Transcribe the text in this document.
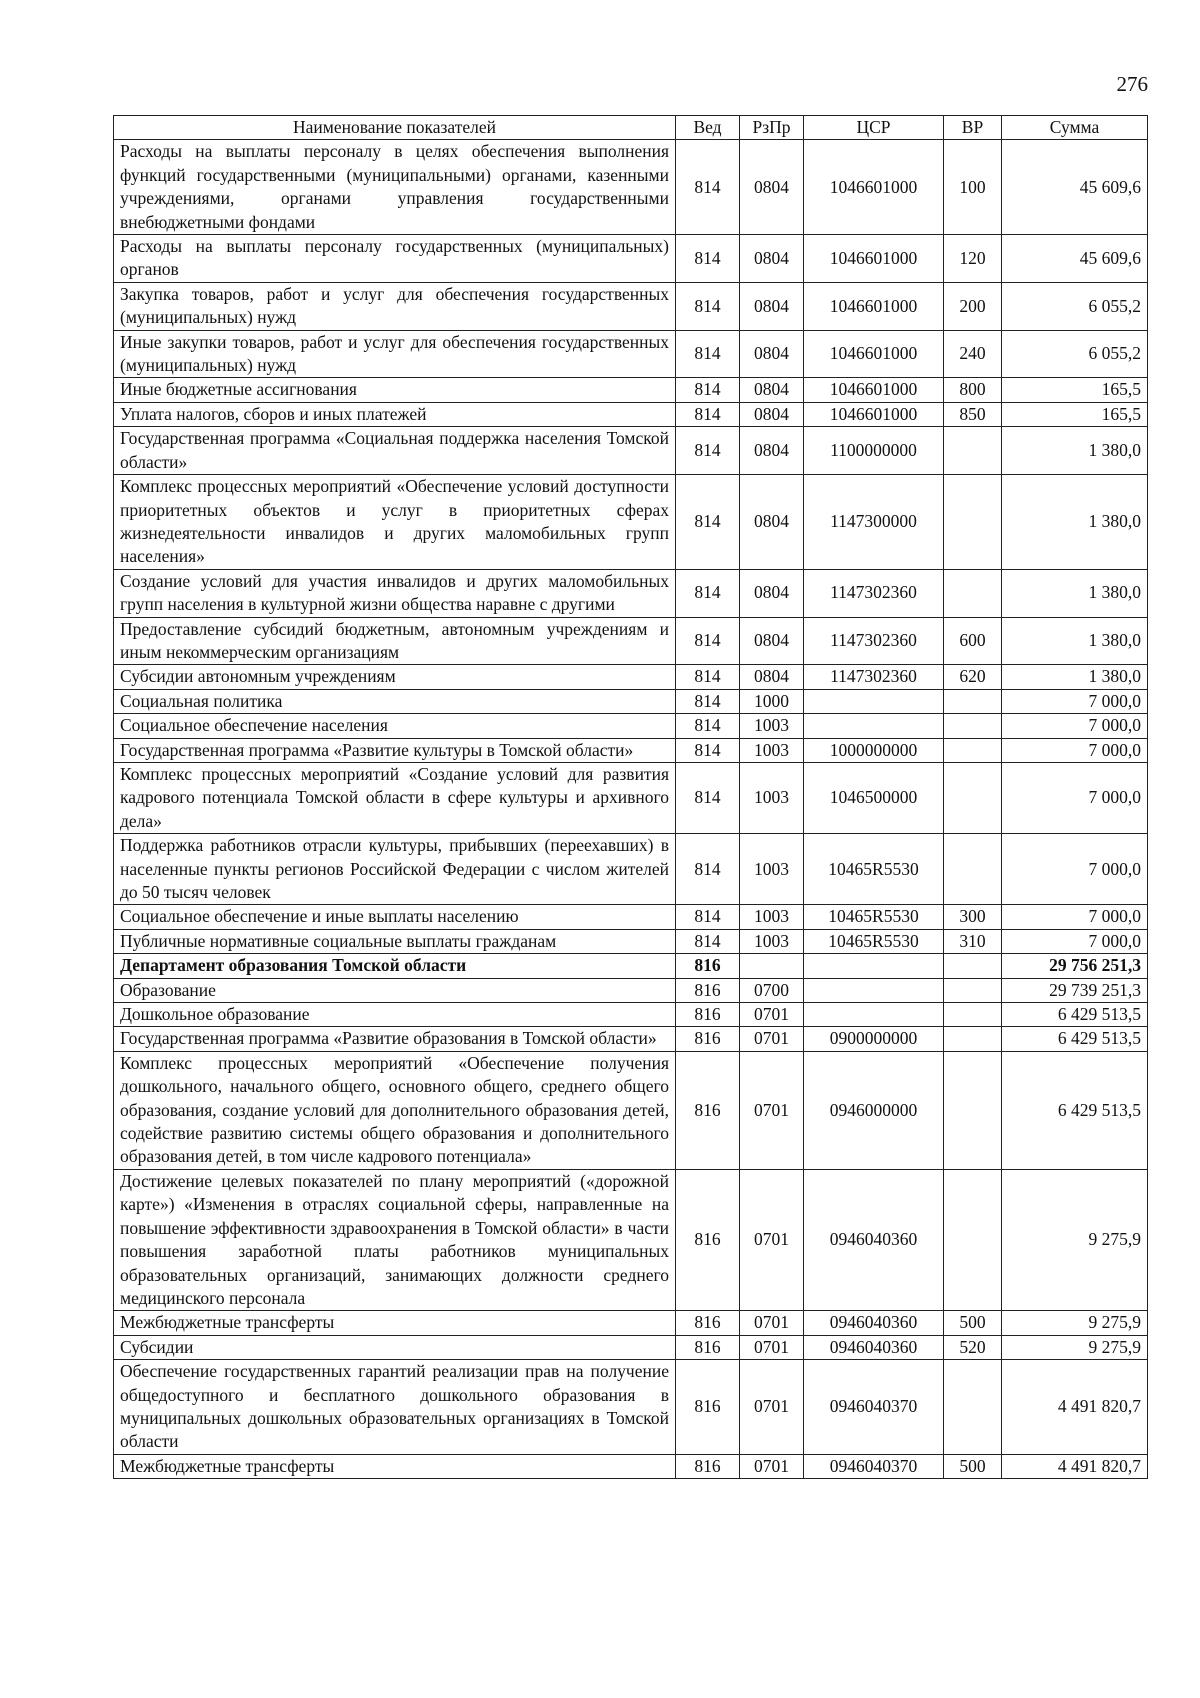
276
Наименование показателей	Вед	РзПр	ЦСР	ВР	Сумма
Расходы на выплаты персоналу в целях обеспечения выполнения функций государственными (муниципальными) органами, казенными учреждениями, органами управления государственными внебюджетными фондами	814	0804	1046601000	100	45 609,6
Расходы на выплаты персоналу государственных (муниципальных) органов	814	0804	1046601000	120	45 609,6
Закупка товаров, работ и услуг для обеспечения государственных (муниципальных) нужд	814	0804	1046601000	200	6 055,2
Иные закупки товаров, работ и услуг для обеспечения государственных (муниципальных) нужд	814	0804	1046601000	240	6 055,2
Иные бюджетные ассигнования	814	0804	1046601000	800	165,5
Уплата налогов, сборов и иных платежей	814	0804	1046601000	850	165,5
Государственная программа «Социальная поддержка населения Томской области»	814	0804	1100000000		1 380,0
Комплекс процессных мероприятий «Обеспечение условий доступности приоритетных объектов и услуг в приоритетных сферах жизнедеятельности инвалидов и других маломобильных групп населения»	814	0804	1147300000		1 380,0
Создание условий для участия инвалидов и других маломобильных групп населения в культурной жизни общества наравне с другими	814	0804	1147302360		1 380,0
Предоставление субсидий бюджетным, автономным учреждениям и иным некоммерческим организациям	814	0804	1147302360	600	1 380,0
Субсидии автономным учреждениям	814	0804	1147302360	620	1 380,0
Социальная политика	814	1000			7 000,0
Социальное обеспечение населения	814	1003			7 000,0
Государственная программа «Развитие культуры в Томской области»	814	1003	1000000000		7 000,0
Комплекс процессных мероприятий «Создание условий для развития кадрового потенциала Томской области в сфере культуры и архивного дела»	814	1003	1046500000		7 000,0
Поддержка работников отрасли культуры, прибывших (переехавших) в населенные пункты регионов Российской Федерации с числом жителей до 50 тысяч человек	814	1003	10465R5530		7 000,0
Социальное обеспечение и иные выплаты населению	814	1003	10465R5530	300	7 000,0
Публичные нормативные социальные выплаты гражданам	814	1003	10465R5530	310	7 000,0
Департамент образования Томской области	816				29 756 251,3
Образование	816	0700			29 739 251,3
Дошкольное образование	816	0701			6 429 513,5
Государственная программа «Развитие образования в Томской области»	816	0701	0900000000		6 429 513,5
Комплекс процессных мероприятий «Обеспечение получения дошкольного, начального общего, основного общего, среднего общего образования, создание условий для дополнительного образования детей, содействие развитию системы общего образования и дополнительного образования детей, в том числе кадрового потенциала»	816	0701	0946000000		6 429 513,5
Достижение целевых показателей по плану мероприятий («дорожной карте») «Изменения в отраслях социальной сферы, направленные на повышение эффективности здравоохранения в Томской области» в части повышения заработной платы работников муниципальных образовательных организаций, занимающих должности среднего медицинского персонала	816	0701	0946040360		9 275,9
Межбюджетные трансферты	816	0701	0946040360	500	9 275,9
Субсидии	816	0701	0946040360	520	9 275,9
Обеспечение государственных гарантий реализации прав на получение общедоступного и бесплатного дошкольного образования в муниципальных дошкольных образовательных организациях в Томской области	816	0701	0946040370		4 491 820,7
Межбюджетные трансферты	816	0701	0946040370	500	4 491 820,7
